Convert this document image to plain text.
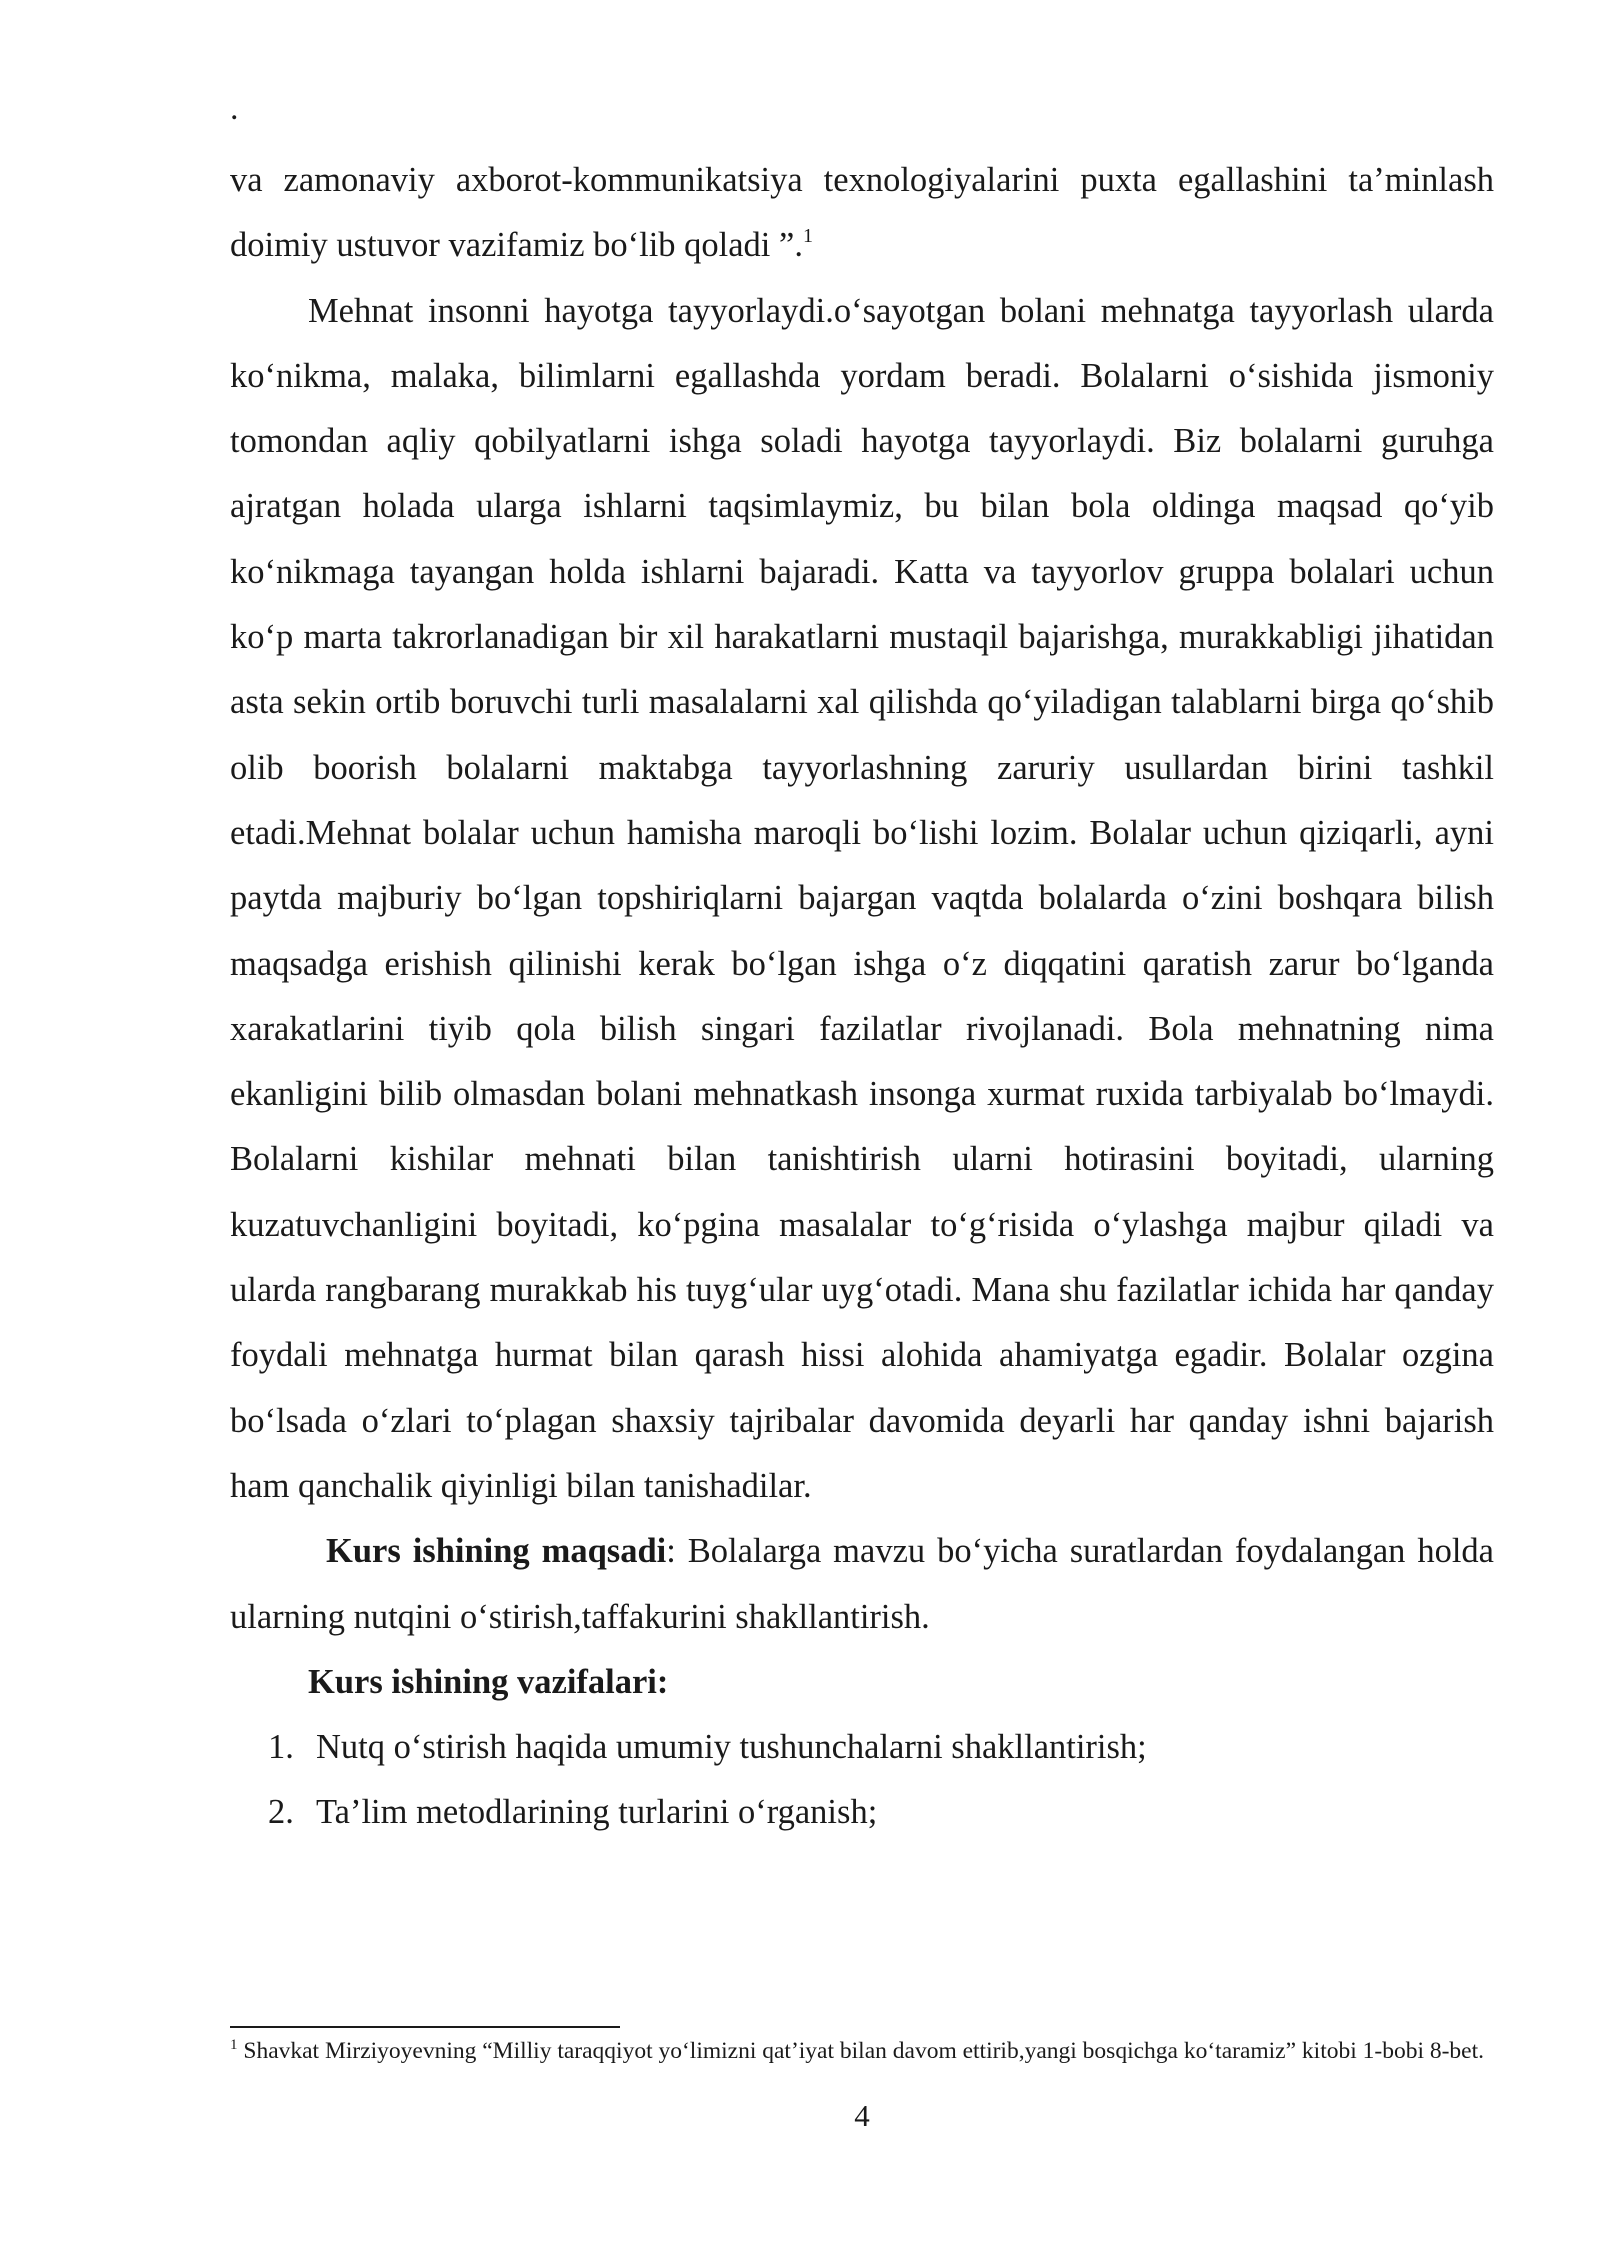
.

va zamonaviy axborot-kommunikatsiya texnologiyalarini puxta egallashini ta’minlash doimiy ustuvor vazifamiz bo‘lib qoladi ”.$^1$

Mehnat insonni hayotga tayyorlaydi.o‘sayotgan bolani mehnatga tayyorlash ularda ko‘nikma, malaka, bilimlarni egallashda yordam beradi. Bolalarni o‘sishida jismoniy tomondan aqliy qobilyatlarni ishga soladi hayotga tayyorlaydi. Biz bolalarni guruhga ajratgan holada ularga ishlarni taqsimlaymiz, bu bilan bola oldinga maqsad qo‘yib ko‘nikmaga tayangan holda ishlarni bajaradi. Katta va tayyorlov gruppa bolalari uchun ko‘p marta takrorlanadigan bir xil harakatlarni mustaqil bajarishga, murakkabligi jihatidan asta sekin ortib boruvchi turli masalalarni xal qilishda qo‘yiladigan talablarni birga qo‘shib olib boorish bolalarni maktabga tayyorlashning zaruriy usullardan birini tashkil etadi.Mehnat bolalar uchun hamisha maroqli bo‘lishi lozim. Bolalar uchun qiziqarli, ayni paytda majburiy bo‘lgan topshiriqlarni bajargan vaqtda bolalarda o‘zini boshqara bilish maqsadga erishish qilinishi kerak bo‘lgan ishga o‘z diqqatini qaratish zarur bo‘lganda xarakatlarini tiyib qola bilish singari fazilatlar rivojlanadi. Bola mehnatning nima ekanligini bilib olmasdan bolani mehnatkash insonga xurmat ruxida tarbiyalab bo‘lmaydi. Bolalarni kishilar mehnati bilan tanishtirish ularni hotirasini boyitadi, ularning kuzatuvchanligini boyitadi, ko‘pgina masalalar to‘g‘risida o‘ylashga majbur qiladi va ularda rangbarang murakkab his tuyg‘ular uyg‘otadi. Mana shu fazilatlar ichida har qanday foydali mehnatga hurmat bilan qarash hissi alohida ahamiyatga egadir. Bolalar ozgina bo‘lsada o‘zlari to‘plagan shaxsiy tajribalar davomida deyarli har qanday ishni bajarish ham qanchalik qiyinligi bilan tanishadilar.

Kurs ishining maqsadi: Bolalarga mavzu bo‘yicha suratlardan foydalangan holda ularning nutqini o‘stirish,taffakurini shakllantirish.

Kurs ishining vazifalari:
1. Nutq o‘stirish haqida umumiy tushunchalarni shakllantirish;
2. Ta’lim metodlarining turlarini o‘rganish;
$^1$ Shavkat Mirziyoyevning “Milliy taraqqiyot yo‘limizni qat’iyat bilan davom ettirib,yangi bosqichga ko‘taramiz” kitobi 1-bobi 8-bet.
4
